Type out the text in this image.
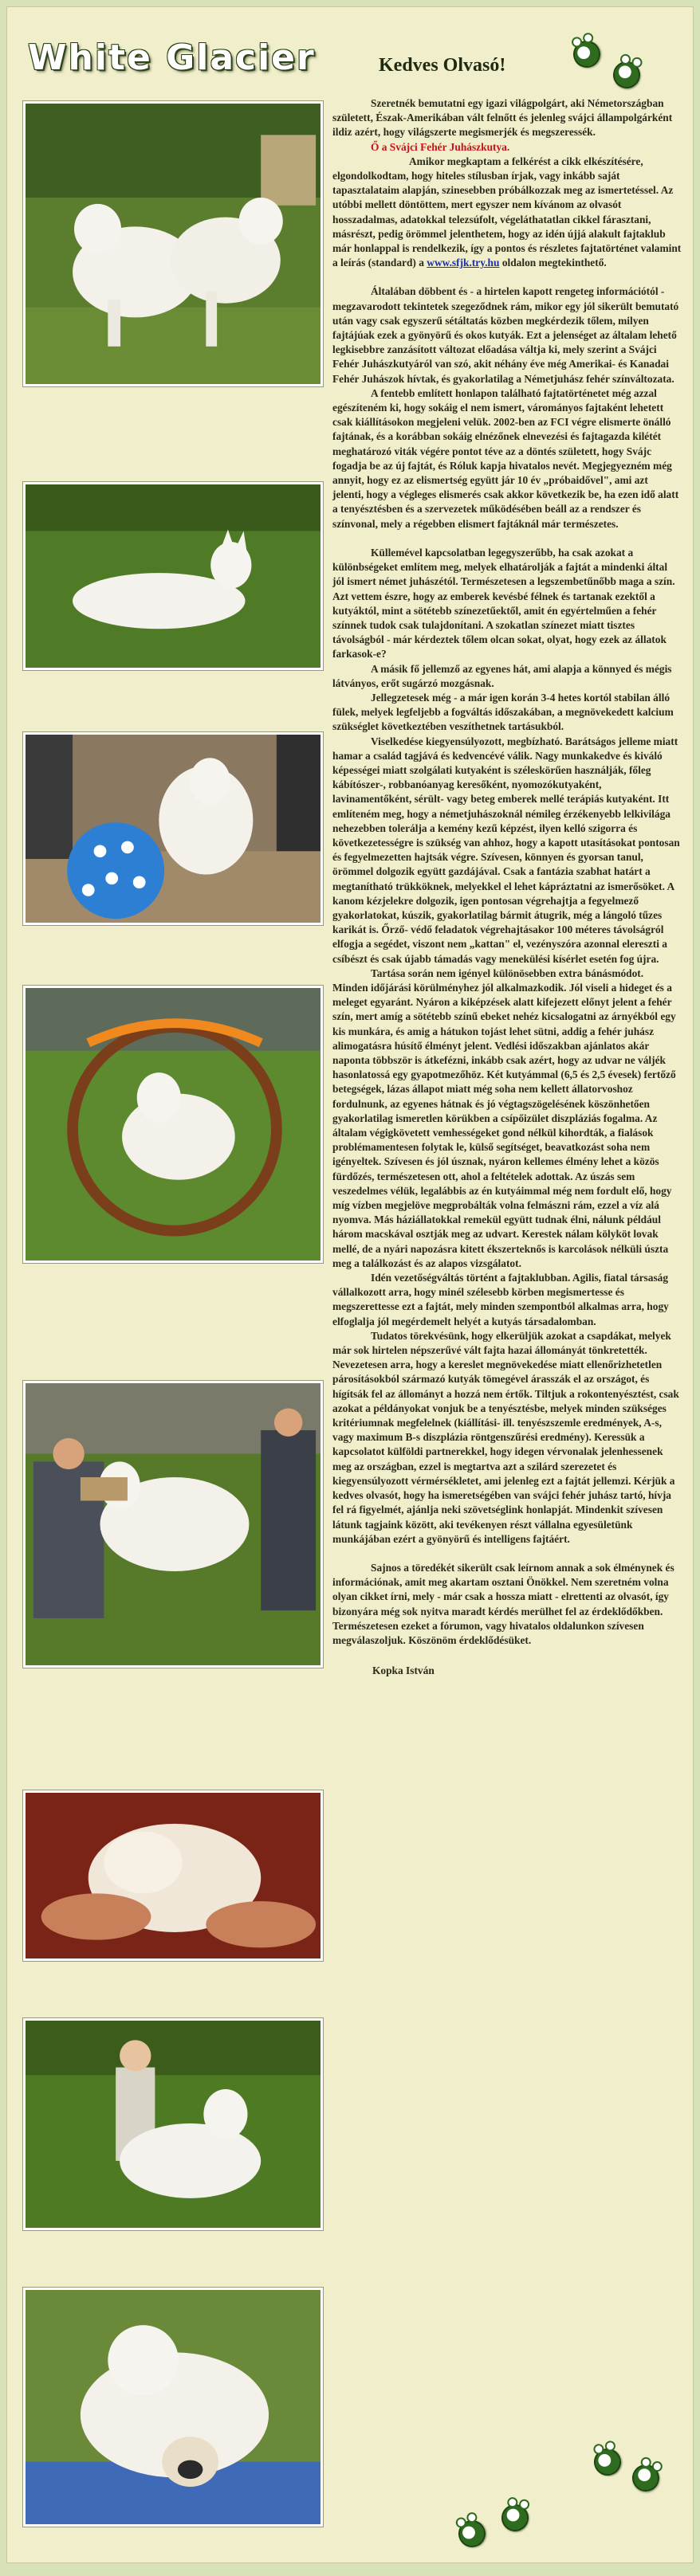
White Glacier	Kedves Olvasó!

Szeretnék bemutatni egy igazi világpolgárt, aki Németországban született, Észak-Amerikában vált felnőtt és jelenleg svájci állampolgárként ildiz azért, hogy világszerte megismerjék és megszeressék.
Ő a Svájci Fehér Juhászkutya.

Amikor megkaptam a felkérést a cikk elkészítésére, elgondolkodtam, hogy hiteles stílusban írjak, vagy inkább saját tapasztalataim alapján, szinesebben próbálkozzak meg az ismertetéssel. Az utóbbi mellett döntöttem, mert egyszer nem kívánom az olvasót hosszadalmas, adatokkal telezsúfolt, végeláthatatlan cikkel fárasztani, másrészt, pedig örömmel jelenthetem, hogy az idén újjá alakult fajtaklub már honlappal is rendelkezik, így a pontos és részletes fajtatörténet valamint a leírás (standard) a www.sfjk.try.hu oldalon megtekinthető.

Általában döbbent és - a hirtelen kapott rengeteg információtól - megzavarodott tekintetek szegeződnek rám, mikor egy jól sikerült bemutató után vagy csak egyszerű sétáltatás közben megkérdezik tőlem, milyen fajtájúak ezek a gyönyörű és okos kutyák. Ezt a jelenséget az általam lehető legkisebbre zanzásított változat előadása váltja ki, mely szerint a Svájci Fehér Juhászkutyáról van szó, akit néhány éve még Amerikai- és Kanadai Fehér Juhászok hívtak, és gyakorlatilag a Németjuhász fehér színváltozata.

A fentebb említett honlapon található fajtatörténetet még azzal egészíteném ki, hogy sokáig el nem ismert, várományos fajtaként lehetett csak kiállításokon megjeleni velük. 2002-ben az FCI végre elismerte önálló fajtának, és a korábban sokáig elnézőnek elnevezési és fajtagazda kilétét meghatározó viták végére pontot téve az a döntés született, hogy Svájc fogadja be az új fajtát, és Róluk kapja hivatalos nevét. Megjegyezném még annyit, hogy ez az elismertség együtt jár 10 év „próbaidővel", ami azt jelenti, hogy a végleges elismerés csak akkor következik be, ha ezen idő alatt a tenyésztésben és a szervezetek működésében beáll az a rendszer és színvonal, mely a régebben elismert fajtáknál már természetes.

Küllemével kapcsolatban legegyszerűbb, ha csak azokat a különbségeket említem meg, melyek elhatárolják a fajtát a mindenki által jól ismert német juhászétól. Természetesen a legszembetűnőbb maga a szín. Azt vettem észre, hogy az emberek kevésbé félnek és tartanak ezektől a kutyáktól, mint a sötétebb színezetűektől, amit én egyértelműen a fehér színnek tudok csak tulajdonítani. A szokatlan színezet miatt tisztes távolságból - már kérdeztek tőlem olcan sokat, olyat, hogy ezek az állatok farkasok-e?

A másik fő jellemző az egyenes hát, ami alapja a könnyed és mégis látványos, erőt sugárzó mozgásnak.

Jellegzetesek még - a már igen korán 3-4 hetes kortól stabilan álló fülek, melyek legfeljebb a fogváltás időszakában, a megnövekedett kalcium szükséglet következtében veszíthetnek tartásukból.

Viselkedése kiegyensúlyozott, megbízható. Barátságos jelleme miatt hamar a család tagjává és kedvencévé válik. Nagy munkakedve és kiváló képességei miatt szolgálati kutyaként is széleskörűen használják, főleg kábítószer-, robbanóanyag keresőként, nyomozókutyaként, lavinamentőként, sérült- vagy beteg emberek mellé terápiás kutyaként. Itt említeném meg, hogy a németjuhászoknál némileg érzékenyebb lelkivilága nehezebben tolerálja a kemény kezű képzést, ilyen kelló szigorra és következetességre is szükség van ahhoz, hogy a kapott utasításokat pontosan és fegyelmezetten hajtsák végre. Szívesen, könnyen és gyorsan tanul, örömmel dolgozik együtt gazdájával. Csak a fantázia szabhat határt a megtanítható trükköknek, melyekkel el lehet kápráztatni az ismerősöket. A kanom kézjelekre dolgozik, igen pontosan végrehajtja a fegyelmező gyakorlatokat, kúszik, gyakorlatilag bármit átugrik, még a lángoló tűzes karikát is. Őrző- védő feladatok végrehajtásakor 100 méteres távolságról elfogja a segédet, viszont nem „kattan" el, vezényszóra azonnal elereszti a csíbészt és csak újabb támadás vagy menekülési kísérlet esetén fog újra.

Tartása során nem igényel különösebben extra bánásmódot. Minden időjárási körülményhez jól alkalmazkodik. Jól viseli a hideget és a meleget egyaránt. Nyáron a kiképzések alatt kifejezett előnyt jelent a fehér szín, mert amíg a sötétebb színű ebeket nehéz kicsalogatni az árnyékból egy kis munkára, és amig a hátukon tojást lehet sütni, addig a fehér juhász alimogatásra húsítő élményt jelent. Vedlési időszakban ajánlatos akár naponta többször is átkefézni, inkább csak azért, hogy az udvar ne váljék hasonlatossá egy gyapotmezőhöz. Két kutyámmal (6,5 és 2,5 évesek) fertőző betegségek, lázas állapot miatt még soha nem kellett állatorvoshoz fordulnunk, az egyenes hátnak és jó végtagszögelésének köszönhetően gyakorlatilag ismeretlen körükben a csípőizület diszpláziás fogalma. Az általam végigkövetett vemhességeket gond nélkül kihordták, a fialások problémamentesen folytak le, külső segítséget, beavatkozást soha nem igényeltek. Szívesen és jól úsznak, nyáron kellemes élmény lehet a közös fürdőzés, természetesen ott, ahol a feltételek adottak. Az úszás sem veszedelmes vélük, legalábbis az én kutyáimmal még nem fordult elő, hogy míg vízben megjelöve megprobálták volna felmászni rám, ezzel a víz alá nyomva. Más háziállatokkal remekül együtt tudnak élni, nálunk például három macskával osztják meg az udvart. Kerestek nálam kölyköt lovak mellé, de a nyári napozásra kitett ékszerteknős is karcolások nélküli úszta meg a találkozást és az alapos vizsgálatot.

Idén vezetőségváltás történt a fajtaklubban. Agilis, fiatal társaság vállalkozott arra, hogy minél szélesebb körben megismertesse és megszerettesse ezt a fajtát, mely minden szempontból alkalmas arra, hogy elfoglalja jól megérdemelt helyét a kutyás társadalomban.

Tudatos törekvésünk, hogy elkerüljük azokat a csapdákat, melyek már sok hirtelen népszerűvé vált fajta hazai állományát tönkretették. Nevezetesen arra, hogy a kereslet megnövekedése miatt ellenőrizhetetlen párosításokból származó kutyák tömegével árasszák el az országot, és hígítsák fel az állományt a hozzá nem értők. Tiltjuk a rokontenyésztést, csak azokat a példányokat vonjuk be a tenyésztésbe, melyek minden szükséges kritériumnak megfelelnek (kiállítási- ill. tenyészszemle eredmények, A-s, vagy maximum B-s diszplázia röntgenszűrési eredmény). Keressük a kapcsolatot külföldi partnerekkel, hogy idegen vérvonalak jelenhessenek meg az országban, ezzel is megtartva azt a szilárd szerezetet és kiegyensúlyozott vérmérsékletet, ami jelenleg ezt a fajtát jellemzi. Kérjük a kedves olvasót, hogy ha ismeretségében van svájci fehér juhász tartó, hívja fel rá figyelmét, ajánlja neki szövetséglink honlapját. Mindenkit szívesen látunk tagjaink között, aki tevékenyen részt vállalna egyesületünk munkájában ezért a gyönyörű és intelligens fajtáért.

Sajnos a töredékét sikerült csak leírnom annak a sok élménynek és információnak, amit meg akartam osztani Önökkel. Nem szeretném volna olyan cikket írni, mely - már csak a hossza miatt - elrettenti az olvasót, így bizonyára még sok nyitva maradt kérdés merülhet fel az érdeklődőkben. Természetesen ezeket a fórumon, vagy hivatalos oldalunkon szívesen megválaszoljuk. Köszönöm érdeklődésüket.

Kopka István
